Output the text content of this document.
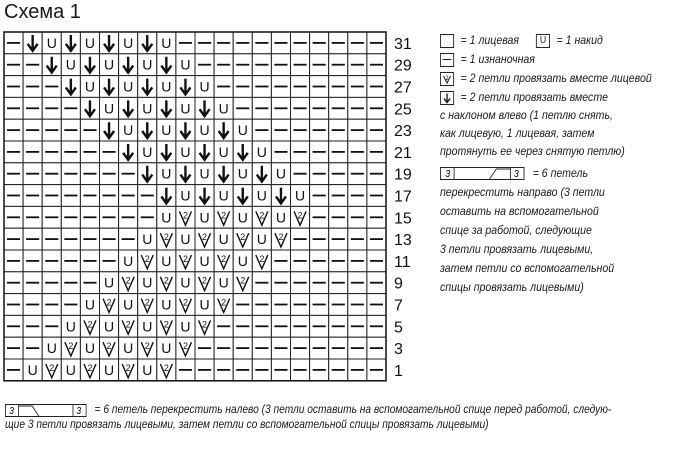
Схема 1
U U U U
U U U U
U U U U
U U U U
U U U U
U U U U
U U U U
U U U U
U 2 U 2 U 2 U 2
U 2 U 2 U 2 U 2
U 2 U 2 U 2 U 2
U 2 U 2 U 2 U 2
U 2 U 2 U 2 U 2
U 2 U 2 U 2 U 2
U 2 U 2 U 2 U 2
U 2 U 2 U 2 U 2
31
29
27
25
23
21
19
17
15
13
11
9
7
5
3
1
= 1 лицевая U = 1 накид
= 1 изнаночная
2 = 2 петли провязать вместе лицевой
= 2 петли провязать вместе
с наклоном влево (1 петлю снять,
как лицевую, 1 лицевая, затем
протянуть ее через снятую петлю)
3	3 = 6 петель
перекрестить направо (3 петли
оставить на вспомогательной
спице за работой, следующие
3 петли провязать лицевыми,
затем петли со вспомогательной
спицы провязать лицевыми)
3	3 = 6 петель перекрестить налево (3 петли оставить на вспомогательной спице перед работой, следую-
щие 3 петли провязать лицевыми, затем петли со вспомогательной спицы провязать лицевыми)
